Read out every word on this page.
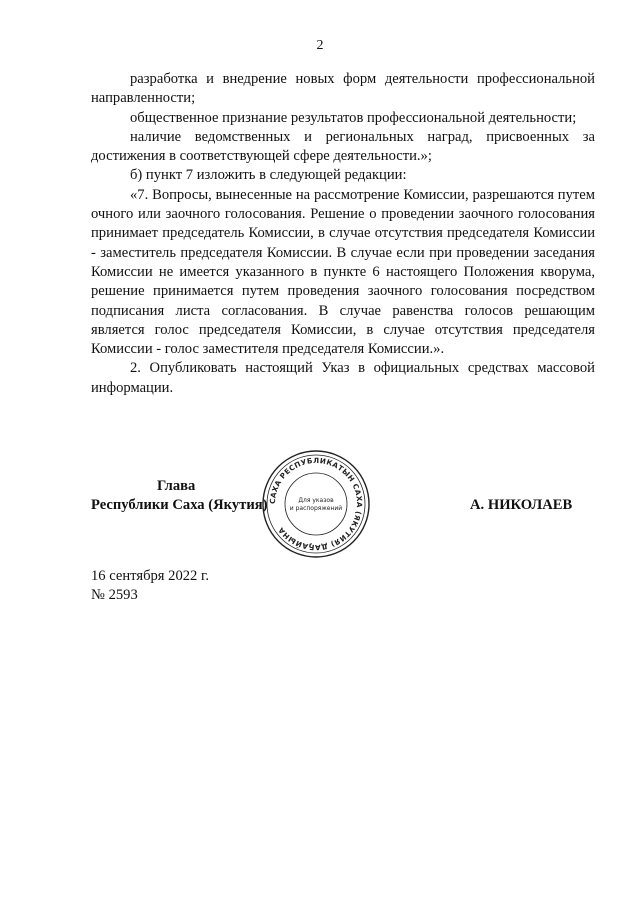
2

разработка и внедрение новых форм деятельности профессиональной направленности;

общественное признание результатов профессиональной деятельности;

наличие ведомственных и региональных наград, присвоенных за достижения в соответствующей сфере деятельности.»;

б) пункт 7 изложить в следующей редакции:

«7. Вопросы, вынесенные на рассмотрение Комиссии, разрешаются путем очного или заочного голосования. Решение о проведении заочного голосования принимает председатель Комиссии, в случае отсутствия председателя Комиссии - заместитель председателя Комиссии. В случае если при проведении заседания Комиссии не имеется указанного в пункте 6 настоящего Положения кворума, решение принимается путем проведения заочного голосования посредством подписания листа согласования. В случае равенства голосов решающим является голос председателя Комиссии, в случае отсутствия председателя Комиссии - голос заместителя председателя Комиссии.».

2. Опубликовать настоящий Указ в официальных средствах массовой информации.

Глава
Республики Саха (Якутия)	А. НИКОЛАЕВ
САХА РЕСПУБЛИКАТЫН САХА (ЯКУТИЯ) ДАҔАЙЫНА
Для указов и распоряжений
16 сентября 2022 г.
№ 2593
